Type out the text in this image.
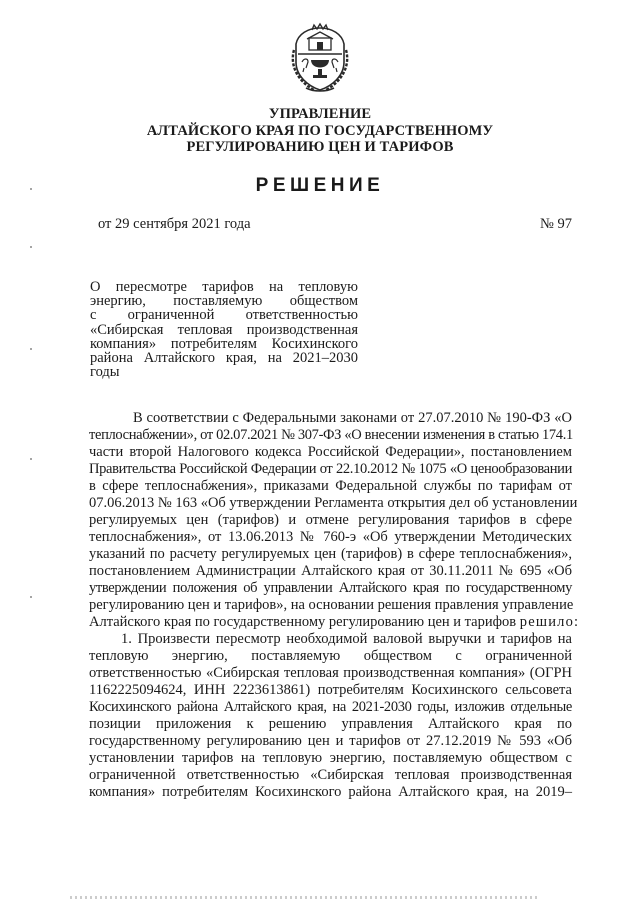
УПРАВЛЕНИЕ
АЛТАЙСКОГО КРАЯ ПО ГОСУДАРСТВЕННОМУ
РЕГУЛИРОВАНИЮ ЦЕН И ТАРИФОВ
РЕШЕНИЕ
от 29 сентября 2021 года	№ 97
О пересмотре тарифов на тепловую
энергию, поставляемую обществом
с ограниченной ответственностью
«Сибирская тепловая производственная
компания» потребителям Косихинского
района Алтайского края, на 2021–2030
годы
В соответствии с Федеральными законами от 27.07.2010 № 190-ФЗ «О
теплоснабжении», от 02.07.2021 № 307-ФЗ «О внесении изменения в статью 174.1
части второй Налогового кодекса Российской Федерации», постановлением
Правительства Российской Федерации от 22.10.2012 № 1075 «О ценообразовании
в сфере теплоснабжения», приказами Федеральной службы по тарифам от
07.06.2013 № 163 «Об утверждении Регламента открытия дел об установлении
регулируемых цен (тарифов) и отмене регулирования тарифов в сфере
теплоснабжения», от 13.06.2013 № 760-э «Об утверждении Методических
указаний по расчету регулируемых цен (тарифов) в сфере теплоснабжения»,
постановлением Администрации Алтайского края от 30.11.2011 № 695 «Об
утверждении положения об управлении Алтайского края по государственному
регулированию цен и тарифов», на основании решения правления управление
Алтайского края по государственному регулированию цен и тарифов решило:
1. Произвести пересмотр необходимой валовой выручки и тарифов на
тепловую энергию, поставляемую обществом с ограниченной
ответственностью «Сибирская тепловая производственная компания» (ОГРН
1162225094624, ИНН 2223613861) потребителям Косихинского сельсовета
Косихинского района Алтайского края, на 2021-2030 годы, изложив отдельные
позиции приложения к решению управления Алтайского края по
государственному регулированию цен и тарифов от 27.12.2019 № 593 «Об
установлении тарифов на тепловую энергию, поставляемую обществом с
ограниченной ответственностью «Сибирская тепловая производственная
компания» потребителям Косихинского района Алтайского края, на 2019–
